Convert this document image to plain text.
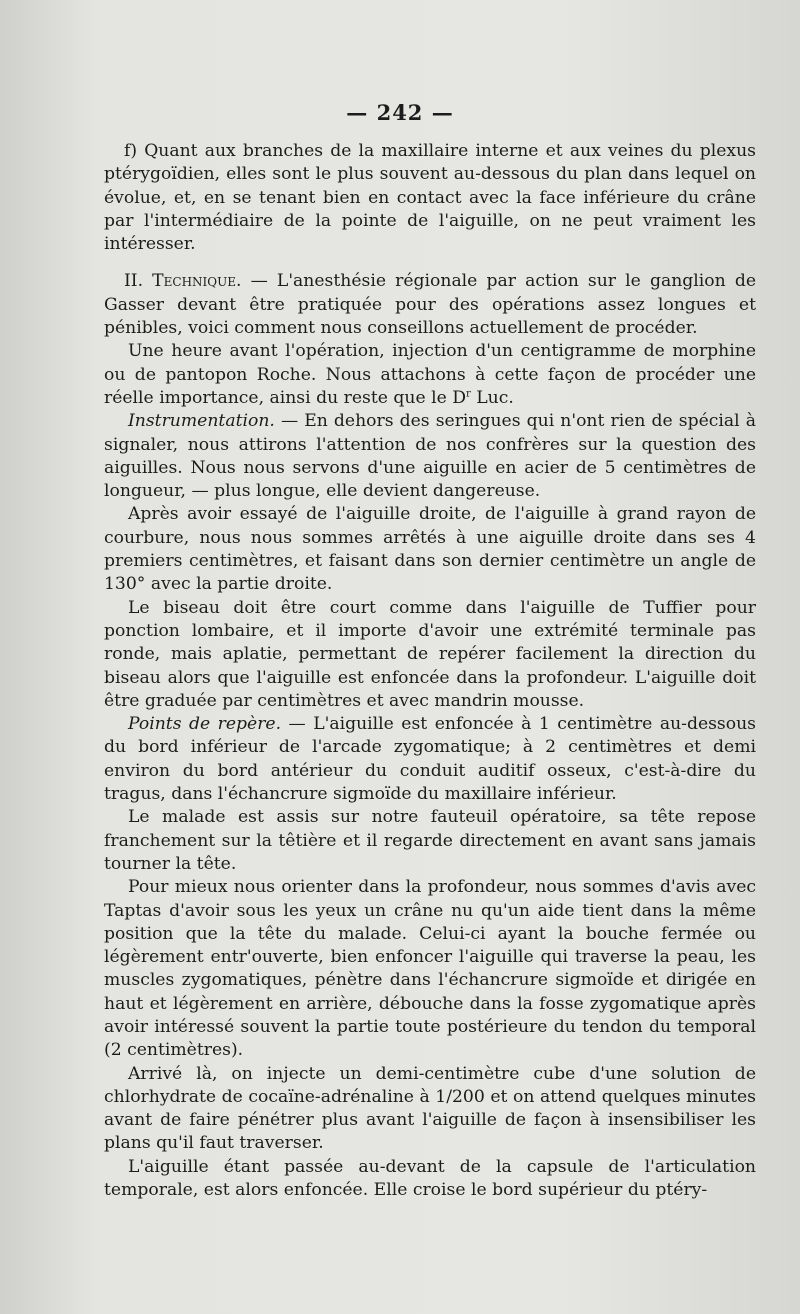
— 242 —

f) Quant aux branches de la maxillaire interne et aux veines du plexus ptérygoïdien, elles sont le plus souvent au-dessous du plan dans lequel on évolue, et, en se tenant bien en contact avec la face inférieure du crâne par l'intermédiaire de la pointe de l'aiguille, on ne peut vraiment les intéresser.

II. Technique. — L'anesthésie régionale par action sur le ganglion de Gasser devant être pratiquée pour des opérations assez longues et pénibles, voici comment nous conseillons actuellement de procéder.

Une heure avant l'opération, injection d'un centigramme de morphine ou de pantopon Roche. Nous attachons à cette façon de procéder une réelle importance, ainsi du reste que le $D^r$ Luc.

Instrumentation. — En dehors des seringues qui n'ont rien de spécial à signaler, nous attirons l'attention de nos confrères sur la question des aiguilles. Nous nous servons d'une aiguille en acier de 5 centimètres de longueur, — plus longue, elle devient dangereuse.

Après avoir essayé de l'aiguille droite, de l'aiguille à grand rayon de courbure, nous nous sommes arrêtés à une aiguille droite dans ses 4 premiers centimètres, et faisant dans son dernier centimètre un angle de 130° avec la partie droite.

Le biseau doit être court comme dans l'aiguille de Tuffier pour ponction lombaire, et il importe d'avoir une extrémité terminale pas ronde, mais aplatie, permettant de repérer facilement la direction du biseau alors que l'aiguille est enfoncée dans la profondeur. L'aiguille doit être graduée par centimètres et avec mandrin mousse.

Points de repère. — L'aiguille est enfoncée à 1 centimètre au-dessous du bord inférieur de l'arcade zygomatique; à 2 centimètres et demi environ du bord antérieur du conduit auditif osseux, c'est-à-dire du tragus, dans l'échancrure sigmoïde du maxillaire inférieur.

Le malade est assis sur notre fauteuil opératoire, sa tête repose franchement sur la têtière et il regarde directement en avant sans jamais tourner la tête.

Pour mieux nous orienter dans la profondeur, nous sommes d'avis avec Taptas d'avoir sous les yeux un crâne nu qu'un aide tient dans la même position que la tête du malade. Celui-ci ayant la bouche fermée ou légèrement entr'ouverte, bien enfoncer l'aiguille qui traverse la peau, les muscles zygomatiques, pénètre dans l'échancrure sigmoïde et dirigée en haut et légèrement en arrière, débouche dans la fosse zygomatique après avoir intéressé souvent la partie toute postérieure du tendon du temporal (2 centimètres).

Arrivé là, on injecte un demi-centimètre cube d'une solution de chlorhydrate de cocaïne-adrénaline à 1/200 et on attend quelques minutes avant de faire pénétrer plus avant l'aiguille de façon à insensibiliser les plans qu'il faut traverser.

L'aiguille étant passée au-devant de la capsule de l'articulation temporale, est alors enfoncée. Elle croise le bord supérieur du ptéry-
